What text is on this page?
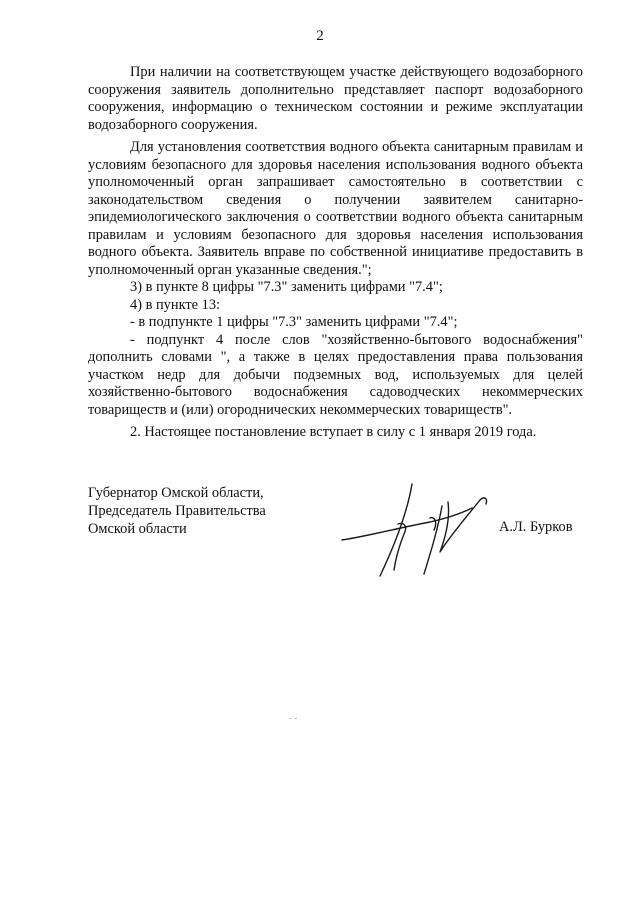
2

При наличии на соответствующем участке действующего водозаборного сооружения заявитель дополнительно представляет паспорт водозаборного сооружения, информацию о техническом состоянии и режиме эксплуатации водозаборного сооружения.

Для установления соответствия водного объекта санитарным правилам и условиям безопасного для здоровья населения использования водного объекта уполномоченный орган запрашивает самостоятельно в соответствии с законодательством сведения о получении заявителем санитарно-эпидемиологического заключения о соответствии водного объекта санитарным правилам и условиям безопасного для здоровья населения использования водного объекта. Заявитель вправе по собственной инициативе предоставить в уполномоченный орган указанные сведения.";

3) в пункте 8 цифры "7.3" заменить цифрами "7.4";

4) в пункте 13:

- в подпункте 1 цифры "7.3" заменить цифрами "7.4";

- подпункт 4 после слов "хозяйственно-бытового водоснабжения" дополнить словами ", а также в целях предоставления права пользования участком недр для добычи подземных вод, используемых для целей хозяйственно-бытового водоснабжения садоводческих некоммерческих товариществ и (или) огороднических некоммерческих товариществ".

2. Настоящее постановление вступает в силу с 1 января 2019 года.

Губернатор Омской области,
Председатель Правительства
Омской области	А.Л. Бурков
. .
